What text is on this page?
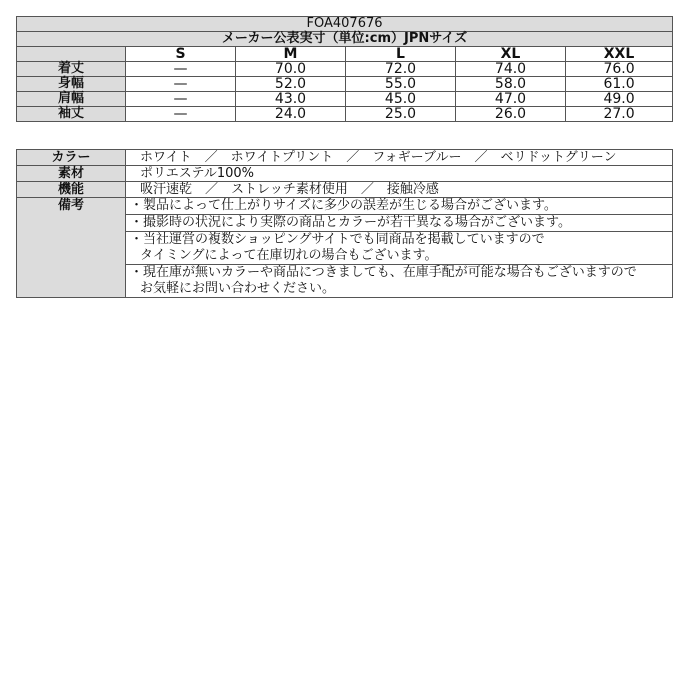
FOA407676					
メーカー公表実寸（単位:cm）JPNサイズ					
	S	M	L	XL	XXL
着丈	—	70.0	72.0	74.0	76.0
身幅	—	52.0	55.0	58.0	61.0
肩幅	—	43.0	45.0	47.0	49.0
袖丈	—	24.0	25.0	26.0	27.0
カラー	ホワイト　／　ホワイトプリント　／　フォギーブルー　／　ベリドットグリーン
素材	ポリエステル100%
機能	吸汗速乾　／　ストレッチ素材使用　／　接触冷感
備考	・製品によって仕上がりサイズに多少の誤差が生じる場合がございます。

	・撮影時の状況により実際の商品とカラーが若干異なる場合がございます。

	・当社運営の複数ショッピングサイトでも同商品を掲載していますので
タイミングによって在庫切れの場合もございます。

	・現在庫が無いカラーや商品につきましても、在庫手配が可能な場合もございますので
お気軽にお問い合わせください。
